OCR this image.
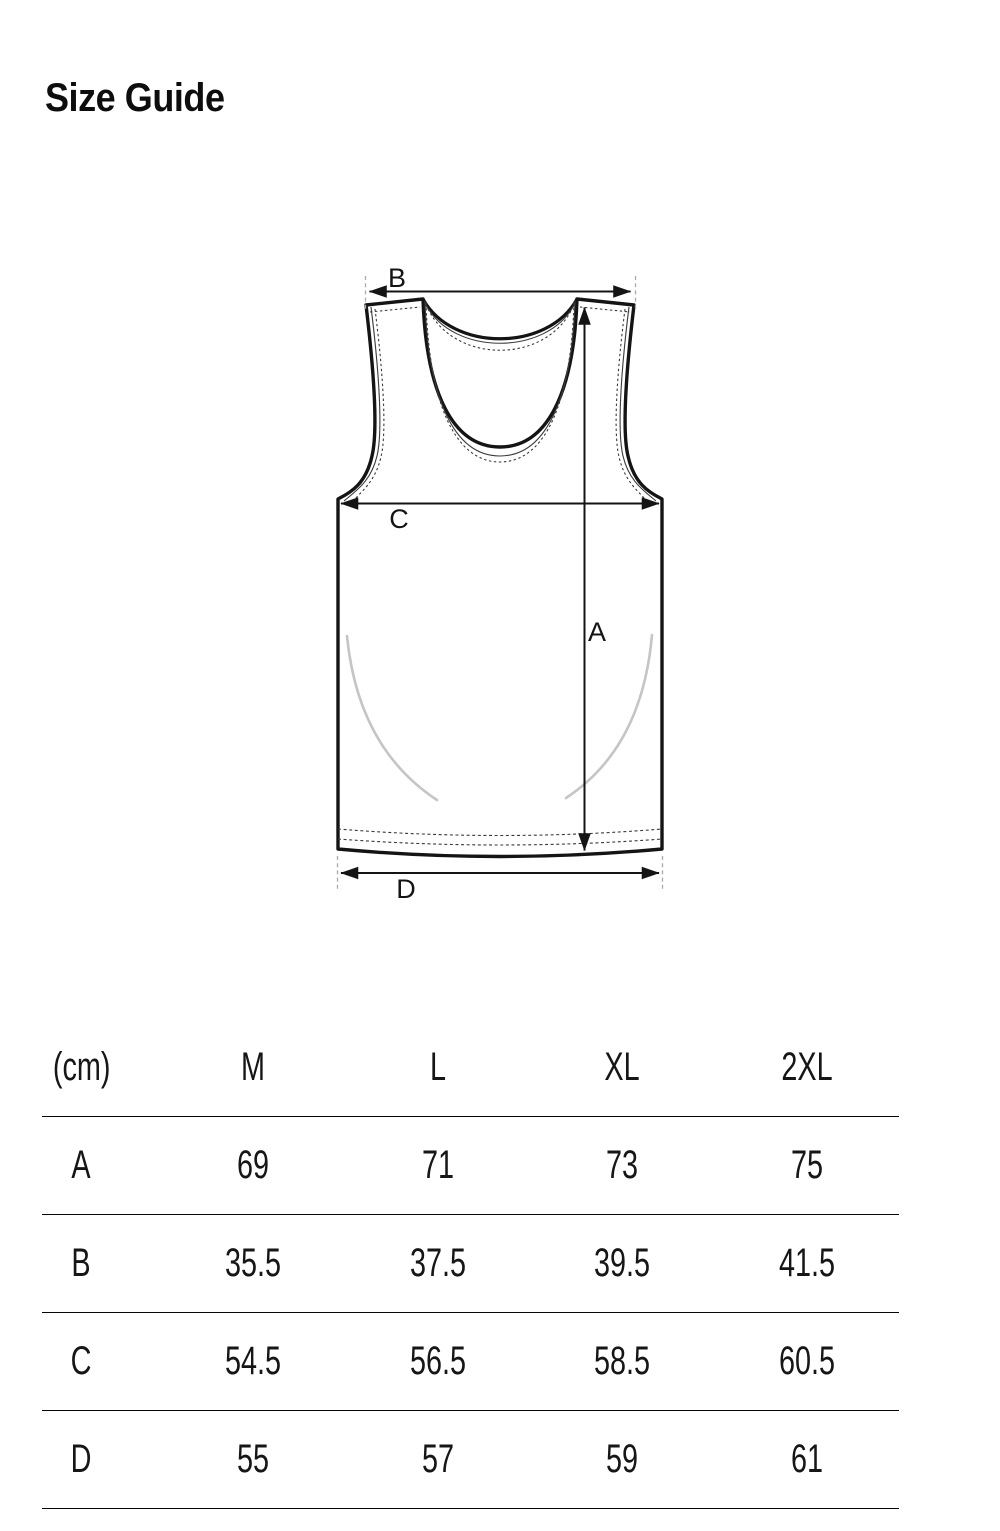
Size Guide
B
C
A
D
(cm)	M	L	XL	2XL
A	69	71	73	75
B	35.5	37.5	39.5	41.5
C	54.5	56.5	58.5	60.5
D	55	57	59	61
